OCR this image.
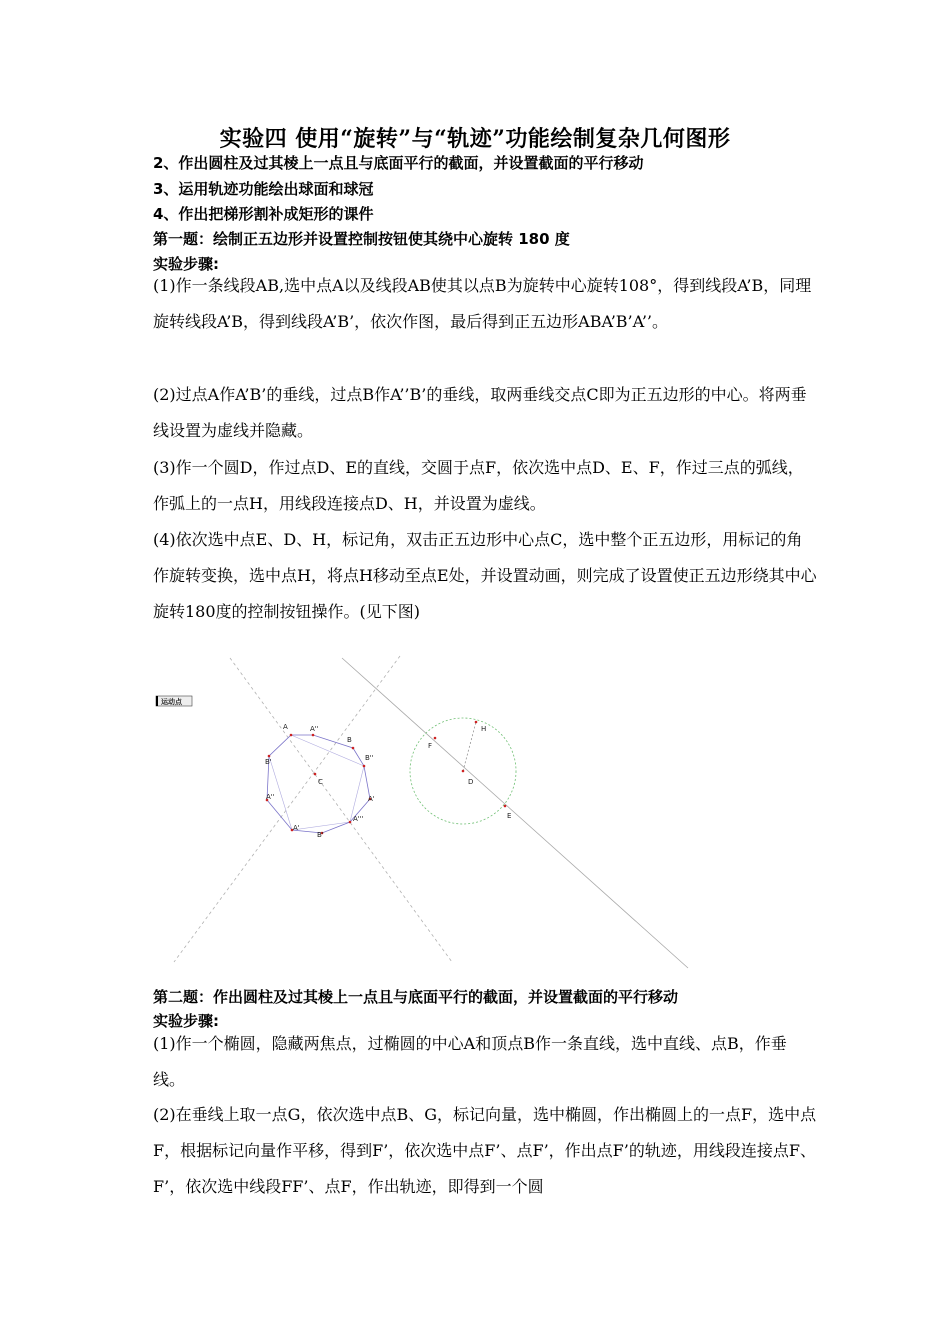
实验四 使用“旋转”与“轨迹”功能绘制复杂几何图形
2、作出圆柱及过其棱上一点且与底面平行的截面，并设置截面的平行移动
3、运用轨迹功能绘出球面和球冠
4、作出把梯形割补成矩形的课件
第一题：绘制正五边形并设置控制按钮使其绕中心旋转 180 度
实验步骤:
(1)作一条线段AB,选中点A以及线段AB使其以点B为旋转中心旋转108°，得到线段A’B，同理旋转线段A’B，得到线段A’B’，依次作图，最后得到正五边形ABA’B’A’’。
(2)过点A作A’B’的垂线，过点B作A’’B’的垂线，取两垂线交点C即为正五边形的中心。将两垂线设置为虚线并隐藏。
(3)作一个圆D，作过点D、E的直线，交圆于点F，依次选中点D、E、F，作过三点的弧线，作弧上的一点H，用线段连接点D、H，并设置为虚线。
(4)依次选中点E、D、H，标记角，双击正五边形中心点C，选中整个正五边形，用标记的角作旋转变换，选中点H，将点H移动至点E处，并设置动画，则完成了设置使正五边形绕其中心旋转180度的控制按钮操作。(见下图)
运动点
A	A''
B
B''
A'
A'''
B'
A'
A''
B'
C	D
E
F
H
第二题：作出圆柱及过其棱上一点且与底面平行的截面，并设置截面的平行移动
实验步骤:
(1)作一个椭圆，隐藏两焦点，过椭圆的中心A和顶点B作一条直线，选中直线、点B，作垂线。
(2)在垂线上取一点G，依次选中点B、G，标记向量，选中椭圆，作出椭圆上的一点F，选中点F，根据标记向量作平移，得到F’，依次选中点F’、点F’，作出点F’的轨迹，用线段连接点F、F’，依次选中线段FF’、点F，作出轨迹，即得到一个圆
